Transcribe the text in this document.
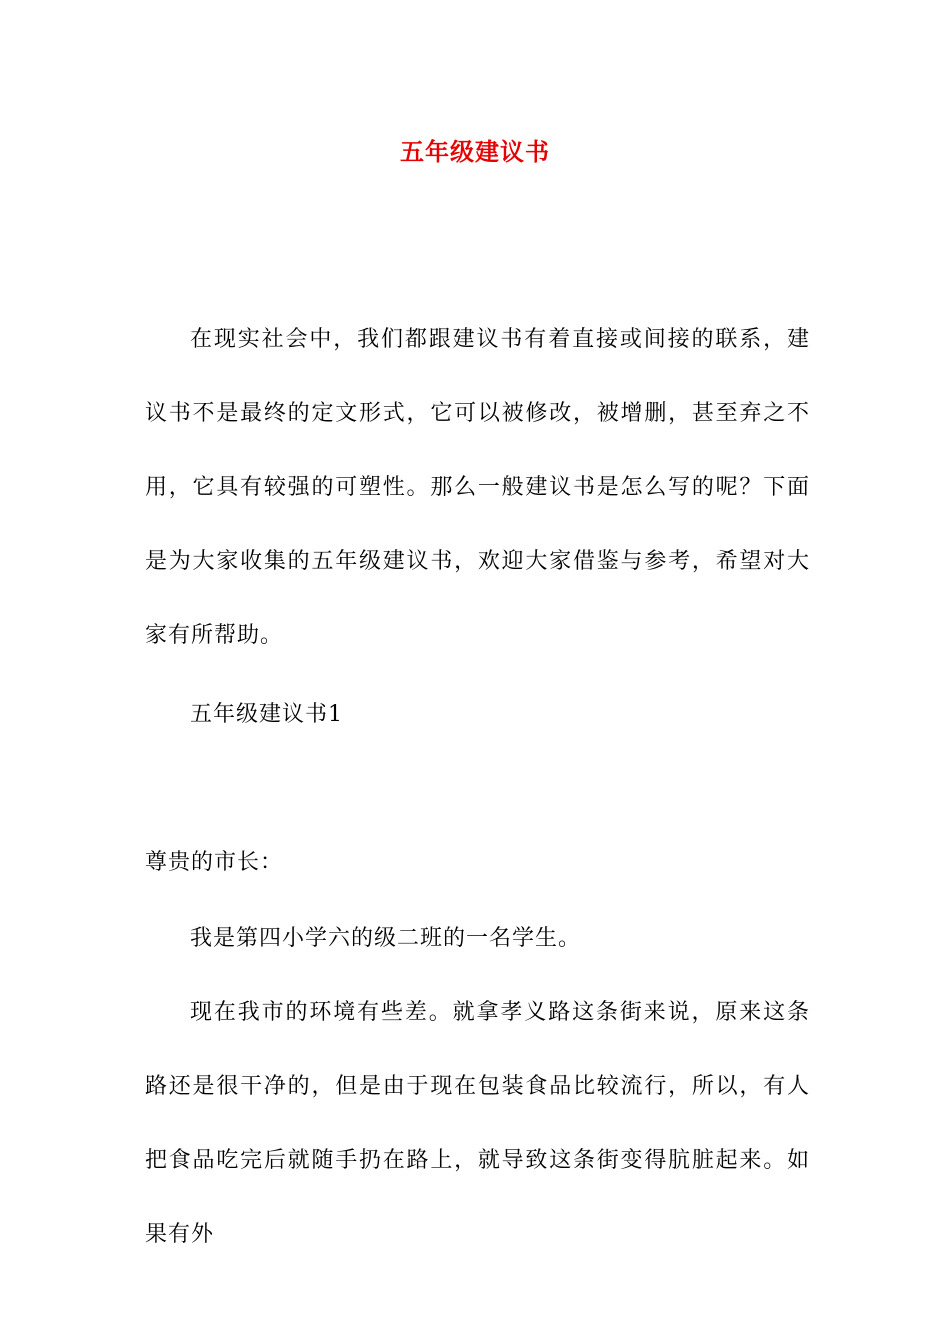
五年级建议书

在现实社会中，我们都跟建议书有着直接或间接的联系，建议书不是最终的定文形式，它可以被修改，被增删，甚至弃之不用，它具有较强的可塑性。那么一般建议书是怎么写的呢？下面是为大家收集的五年级建议书，欢迎大家借鉴与参考，希望对大家有所帮助。

五年级建议书1

尊贵的市长：

我是第四小学六的级二班的一名学生。

现在我市的环境有些差。就拿孝义路这条街来说，原来这条路还是很干净的，但是由于现在包装食品比较流行，所以，有人把食品吃完后就随手扔在路上，就导致这条街变得肮脏起来。如果有外
